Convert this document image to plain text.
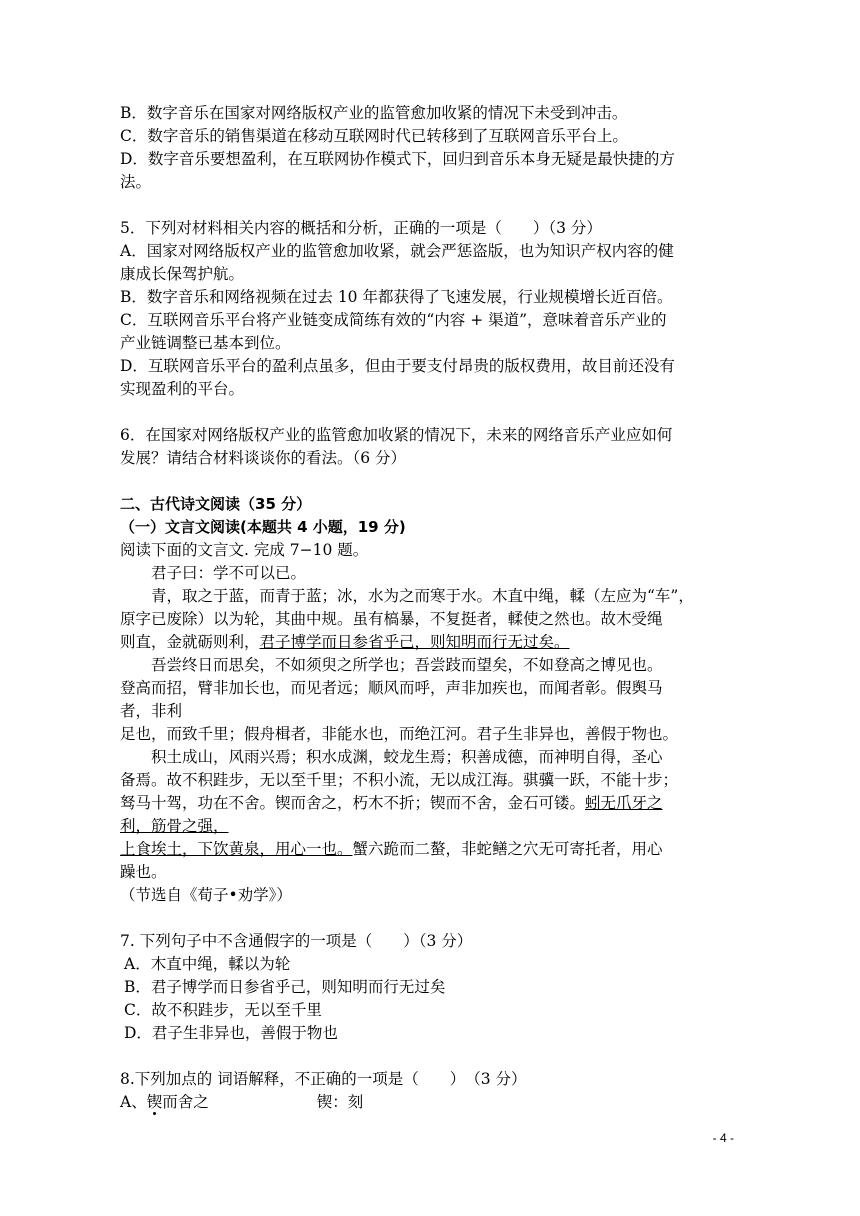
B．数字音乐在国家对网络版权产业的监管愈加收紧的情况下未受到冲击。

C．数字音乐的销售渠道在移动互联网时代已转移到了互联网音乐平台上。

D．数字音乐要想盈利，在互联网协作模式下，回归到音乐本身无疑是最快捷的方

法。

5．下列对材料相关内容的概括和分析，正确的一项是（　　）（3 分）

A．国家对网络版权产业的监管愈加收紧，就会严惩盗版，也为知识产权内容的健

康成长保驾护航。

B．数字音乐和网络视频在过去 10 年都获得了飞速发展，行业规模增长近百倍。

C．互联网音乐平台将产业链变成简练有效的“内容 + 渠道”，意味着音乐产业的

产业链调整已基本到位。

D．互联网音乐平台的盈利点虽多，但由于要支付昂贵的版权费用，故目前还没有

实现盈利的平台。

6．在国家对网络版权产业的监管愈加收紧的情况下，未来的网络音乐产业应如何

发展？请结合材料谈谈你的看法。（6 分）

二、古代诗文阅读（35 分）

（一）文言文阅读(本题共 4 小题，19 分)

阅读下面的文言文. 完成 7−10 题。

君子曰：学不可以已。

青，取之于蓝，而青于蓝；冰，水为之而寒于水。木直中绳，輮（左应为“车”，

原字已废除）以为轮，其曲中规。虽有槁暴，不复挺者，輮使之然也。故木受绳

则直，金就砺则利，君子博学而日参省乎己，则知明而行无过矣。

吾尝终日而思矣，不如须臾之所学也；吾尝跂而望矣，不如登高之博见也。

登高而招，臂非加长也，而见者远；顺风而呼，声非加疾也，而闻者彰。假舆马

者，非利

足也，而致千里；假舟楫者，非能水也，而绝江河。君子生非异也，善假于物也。

积土成山，风雨兴焉；积水成渊，蛟龙生焉；积善成德，而神明自得，圣心

备焉。故不积跬步，无以至千里；不积小流，无以成江海。骐骥一跃，不能十步；

驽马十驾，功在不舍。锲而舍之，朽木不折；锲而不舍，金石可镂。蚓无爪牙之

利，筋骨之强，

上食埃土，下饮黄泉，用心一也。蟹六跪而二螯，非蛇鳝之穴无可寄托者，用心

躁也。

（节选自《荀子•劝学》）

7. 下列句子中不含通假字的一项是（　　）（3 分）

A．木直中绳，輮以为轮

B．君子博学而日参省乎己，则知明而行无过矣

C．故不积跬步，无以至千里

D．君子生非异也，善假于物也

8.下列加点的 词语解释，不正确的一项是（　　）　（3 分）

A、锲而舍之	锲：刻

- 4 -
